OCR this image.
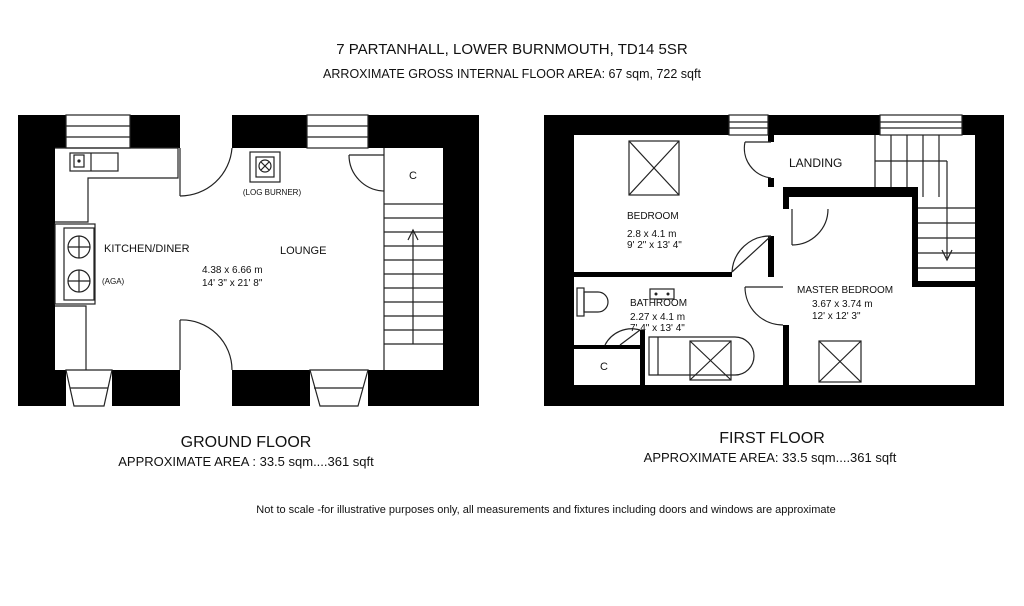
7 PARTANHALL, LOWER BURNMOUTH, TD14 5SR
ARROXIMATE GROSS INTERNAL FLOOR AREA: 67 sqm, 722 sqft
(LOG BURNER)
C
KITCHEN/DINER
(AGA)
LOUNGE
4.38 x 6.66 m
14' 3" x 21' 8"
LANDING
BEDROOM
2.8 x 4.1 m
9' 2" x 13' 4"
BATHROOM
2.27 x 4.1 m
7' 4" x 13' 4"
C
MASTER BEDROOM
3.67 x 3.74 m
12' x 12' 3"
GROUND FLOOR
APPROXIMATE AREA : 33.5 sqm....361 sqft
FIRST FLOOR
APPROXIMATE AREA: 33.5 sqm....361 sqft
Not to scale -for illustrative purposes only, all measurements and fixtures including doors and windows are approximate
